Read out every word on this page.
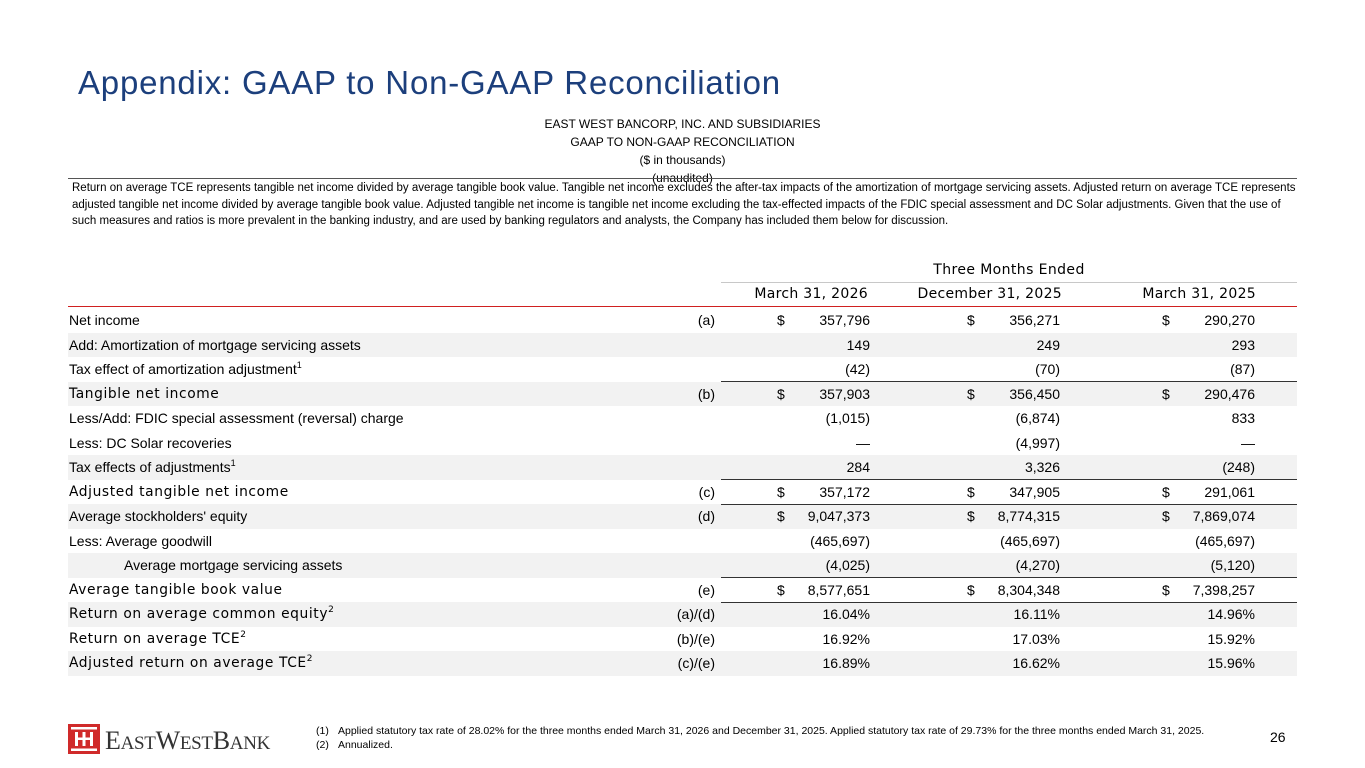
Appendix: GAAP to Non-GAAP Reconciliation
EAST WEST BANCORP, INC. AND SUBSIDIARIES
GAAP TO NON-GAAP RECONCILIATION
($ in thousands)
(unaudited)
Return on average TCE represents tangible net income divided by average tangible book value. Tangible net income excludes the after-tax impacts of the amortization of mortgage servicing assets. Adjusted return on average TCE represents adjusted tangible net income divided by average tangible book value. Adjusted tangible net income is tangible net income excluding the tax-effected impacts of the FDIC special assessment and DC Solar adjustments. Given that the use of such measures and ratios is more prevalent in the banking industry, and are used by banking regulators and analysts, the Company has included them below for discussion.
Three Months Ended
March 31, 2026	December 31, 2025	March 31, 2025
Net income	(a)	$ 357,796	$ 356,271	$ 290,270
Add: Amortization of mortgage servicing assets	149	249	293
Tax effect of amortization adjustment$^1$	(42)	(70)	(87)
Tangible net income	(b)	$ 357,903	$ 356,450	$ 290,476
Less/Add: FDIC special assessment (reversal) charge	(1,015)	(6,874)	833
Less: DC Solar recoveries	—	(4,997)	—
Tax effects of adjustments$^1$	284	3,326	(248)
Adjusted tangible net income	(c)	$ 357,172	$ 347,905	$ 291,061
Average stockholders' equity	(d)	$ 9,047,373	$ 8,774,315	$ 7,869,074
Less: Average goodwill	(465,697)	(465,697)	(465,697)
Average mortgage servicing assets	(4,025)	(4,270)	(5,120)
Average tangible book value	(e)	$ 8,577,651	$ 8,304,348	$ 7,398,257
Return on average common equity$^2$	(a)/(d)	16.04%	16.11%	14.96%
Return on average TCE$^2$	(b)/(e)	16.92%	17.03%	15.92%
Adjusted return on average TCE$^2$	(c)/(e)	16.89%	16.62%	15.96%
EASTWESTBANK
(1) Applied statutory tax rate of 28.02% for the three months ended March 31, 2026 and December 31, 2025. Applied statutory tax rate of 29.73% for the three months ended March 31, 2025.
(2) Annualized.	26
